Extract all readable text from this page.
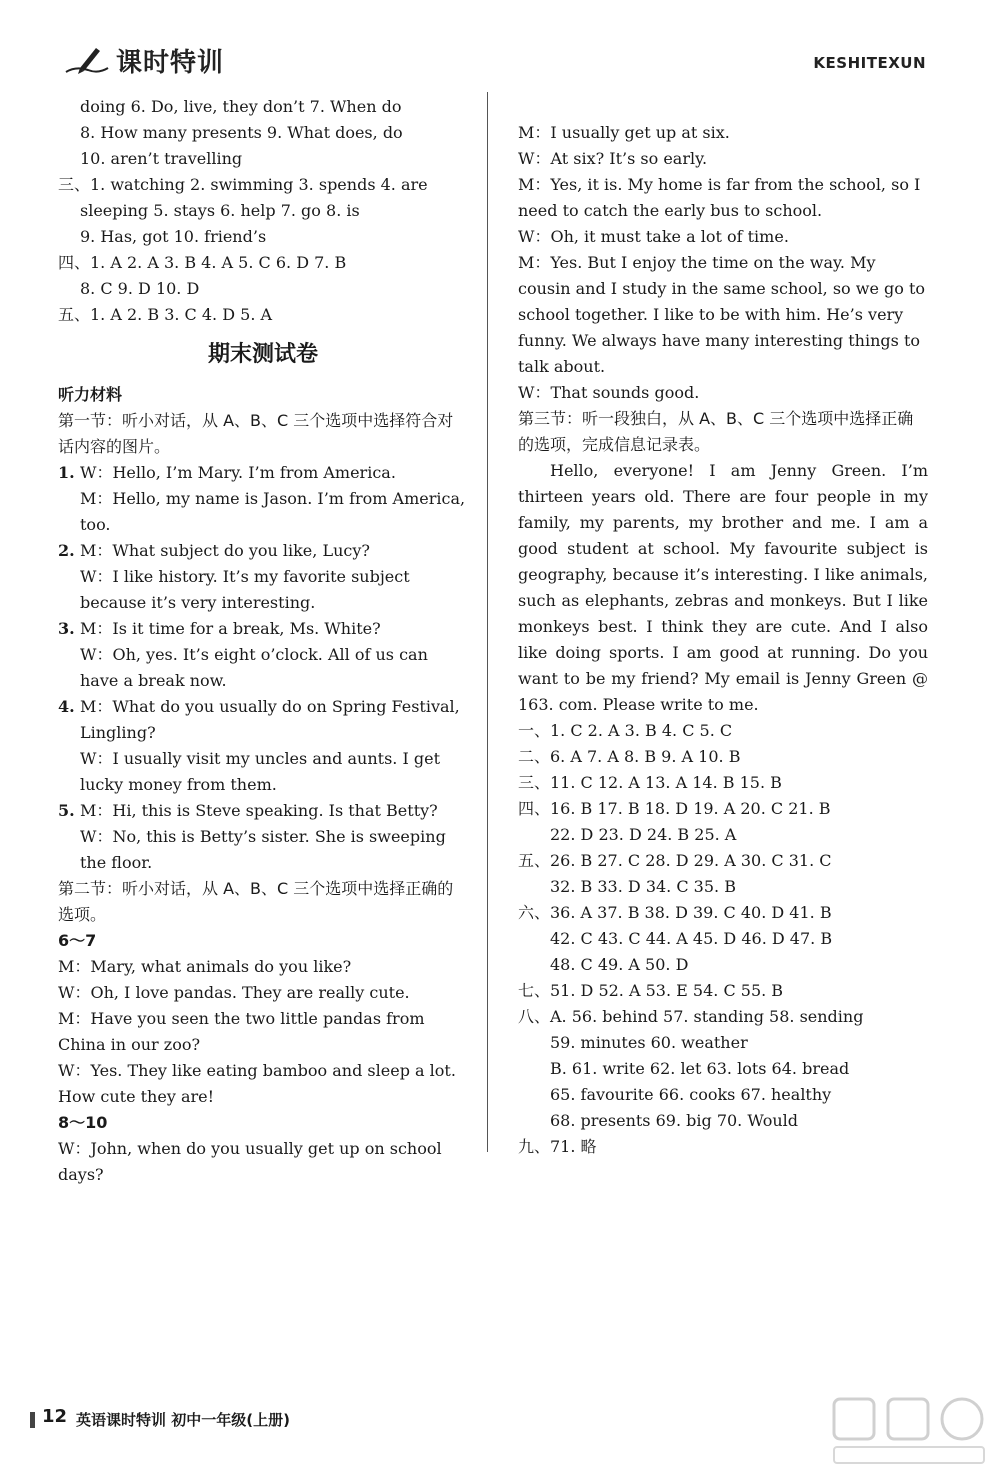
课时特训	KESHITEXUN
doing 6. Do, live, they don’t 7. When do
8. How many presents 9. What does, do
10. aren’t travelling
三、1. watching 2. swimming 3. spends 4. are
sleeping 5. stays 6. help 7. go 8. is
9. Has, got 10. friend’s
四、1. A 2. A 3. B 4. A 5. C 6. D 7. B
8. C 9. D 10. D
五、1. A 2. B 3. C 4. D 5. A
期末测试卷
听力材料
第一节：听小对话，从 A、B、C 三个选项中选择符合对话内容的图片。
1. W：Hello, I’m Mary. I’m from America.
M：Hello, my name is Jason. I’m from America, too.
2. M：What subject do you like, Lucy?
W：I like history. It’s my favorite subject because it’s very interesting.
3. M：Is it time for a break, Ms. White?
W：Oh, yes. It’s eight o’clock. All of us can have a break now.
4. M：What do you usually do on Spring Festival, Lingling?
W：I usually visit my uncles and aunts. I get lucky money from them.
5. M：Hi, this is Steve speaking. Is that Betty?
W：No, this is Betty’s sister. She is sweeping the floor.
第二节：听小对话，从 A、B、C 三个选项中选择正确的选项。
6～7
M：Mary, what animals do you like?
W：Oh, I love pandas. They are really cute.
M：Have you seen the two little pandas from China in our zoo?
W：Yes. They like eating bamboo and sleep a lot. How cute they are!
8～10
W：John, when do you usually get up on school days?
M：I usually get up at six.
W：At six? It’s so early.
M：Yes, it is. My home is far from the school, so I need to catch the early bus to school.
W：Oh, it must take a lot of time.
M：Yes. But I enjoy the time on the way. My cousin and I study in the same school, so we go to school together. I like to be with him. He’s very funny. We always have many interesting things to talk about.
W：That sounds good.
第三节：听一段独白，从 A、B、C 三个选项中选择正确的选项，完成信息记录表。
Hello, everyone! I am Jenny Green. I’m thirteen years old. There are four people in my family, my parents, my brother and me. I am a good student at school. My favourite subject is geography, because it’s interesting. I like animals, such as elephants, zebras and monkeys. But I like monkeys best. I think they are cute. And I also like doing sports. I am good at running. Do you want to be my friend? My email is Jenny Green @ 163. com. Please write to me.
一、1. C 2. A 3. B 4. C 5. C
二、6. A 7. A 8. B 9. A 10. B
三、11. C 12. A 13. A 14. B 15. B
四、16. B 17. B 18. D 19. A 20. C 21. B
22. D 23. D 24. B 25. A
五、26. B 27. C 28. D 29. A 30. C 31. C
32. B 33. D 34. C 35. B
六、36. A 37. B 38. D 39. C 40. D 41. B
42. C 43. C 44. A 45. D 46. D 47. B
48. C 49. A 50. D
七、51. D 52. A 53. E 54. C 55. B
八、A. 56. behind 57. standing 58. sending
59. minutes 60. weather
B. 61. write 62. let 63. lots 64. bread
65. favourite 66. cooks 67. healthy
68. presents 69. big 70. Would
九、71. 略
12 英语课时特训 初中一年级(上册)
